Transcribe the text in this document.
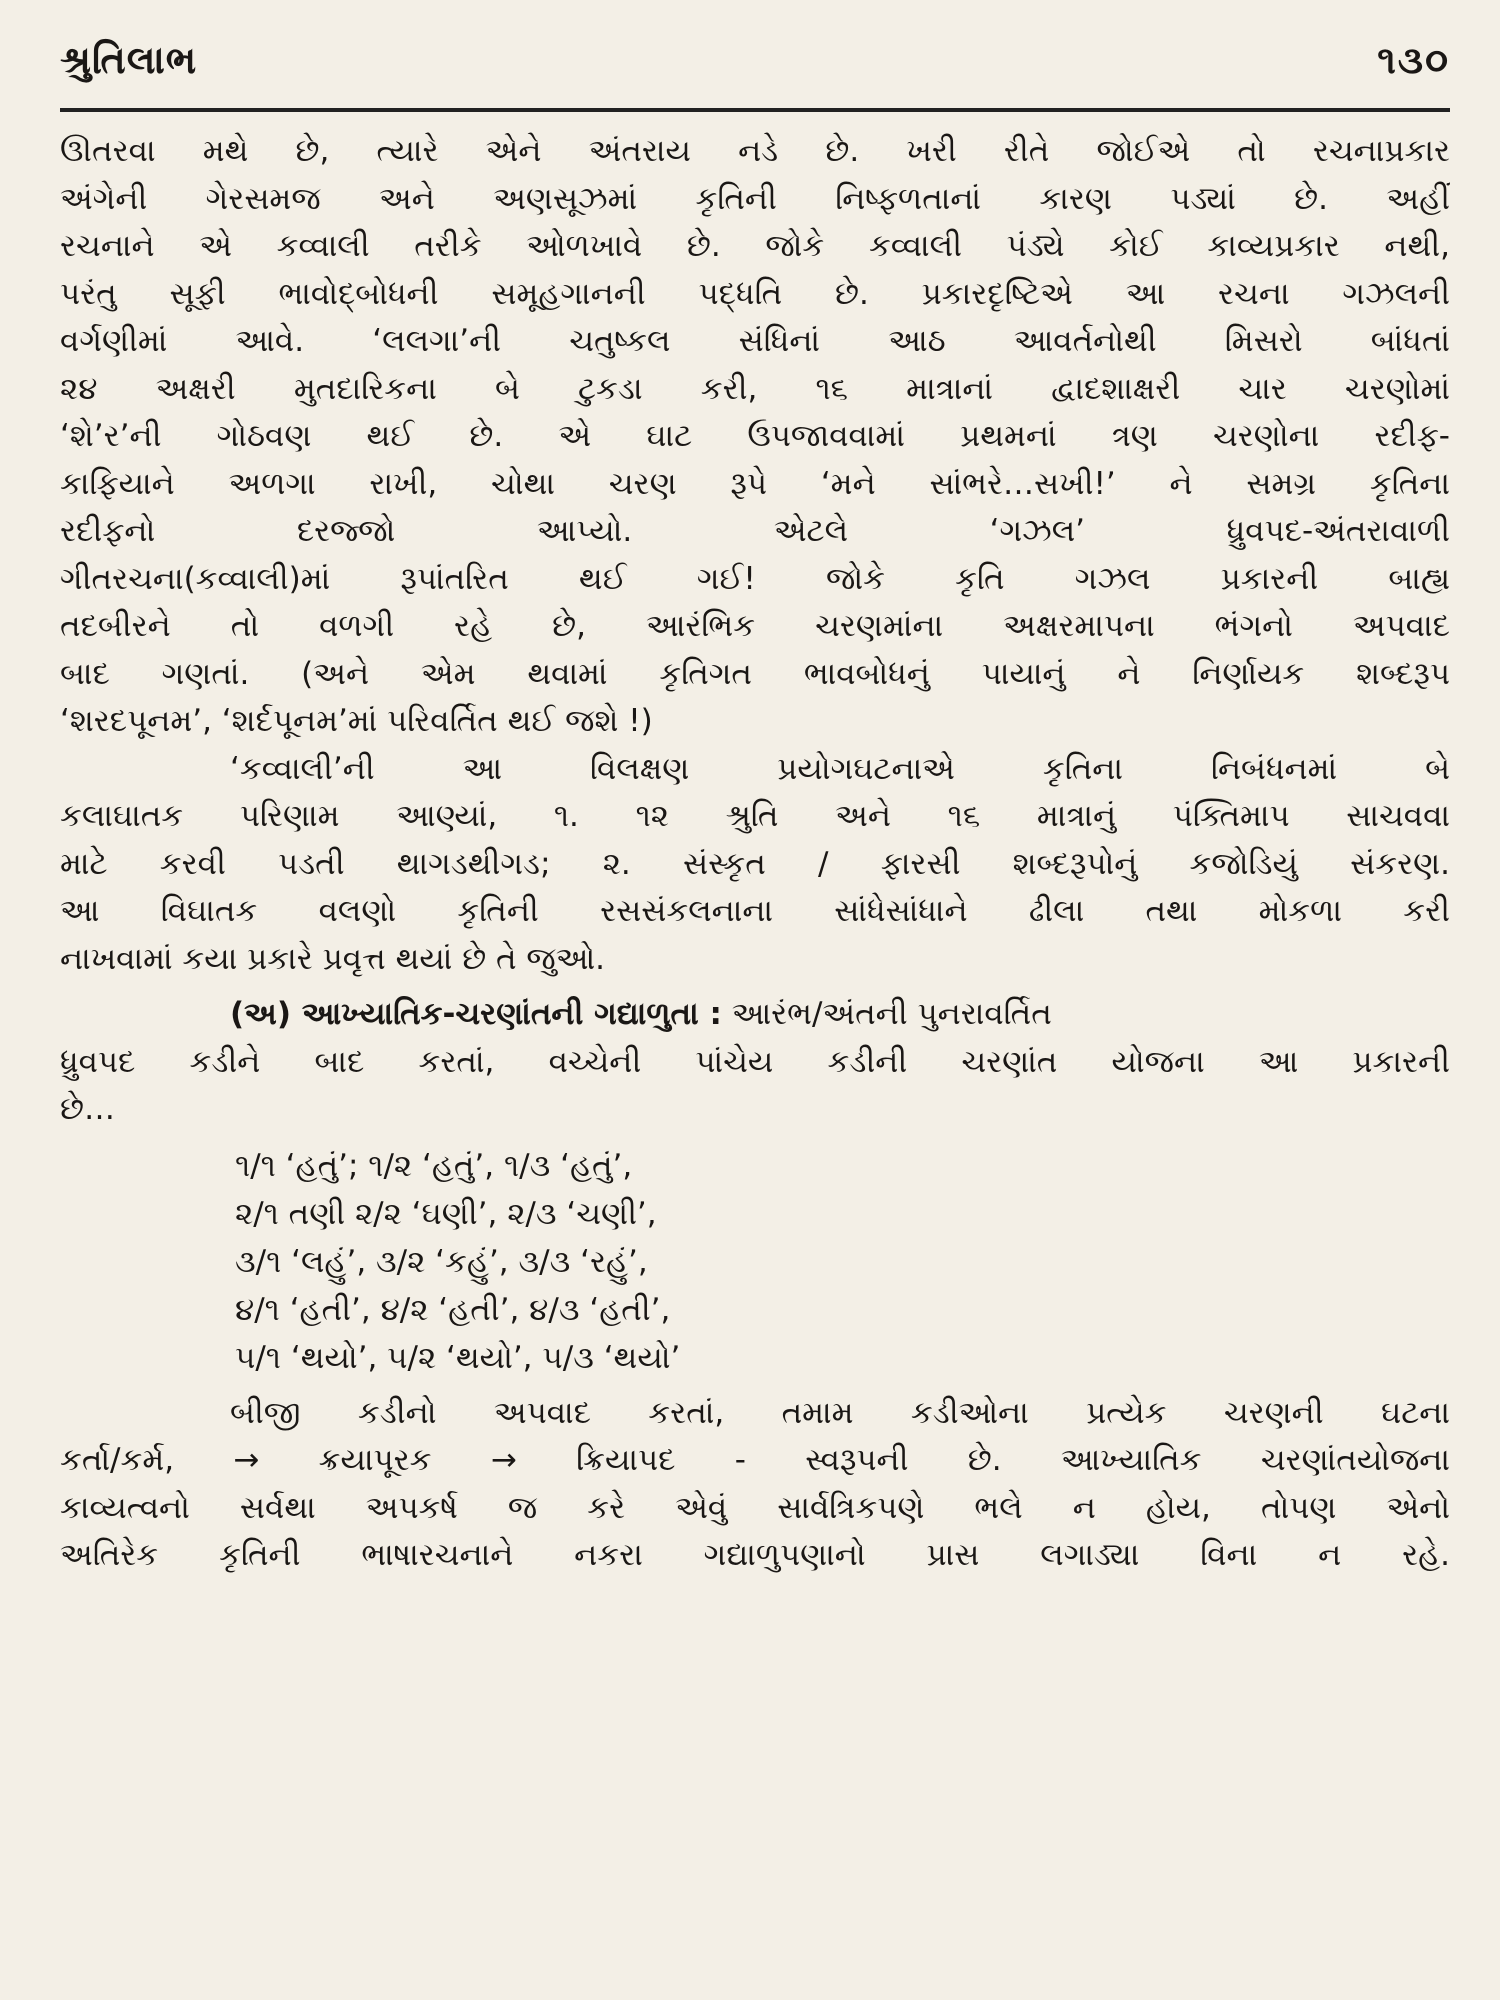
શ્રુતિલાભ	૧૩૦
ઊતરવા મથે છે, ત્યારે એને અંતરાય નડે છે. ખરી રીતે જોઈએ તો રચનાપ્રકાર
અંગેની ગેરસમજ અને અણસૂઝમાં કૃતિની નિષ્ફળતાનાં કારણ પડ્યાં છે. અહીં
રચનાને એ કવ્વાલી તરીકે ઓળખાવે છે. જોકે કવ્વાલી પંડ્યે કોઈ કાવ્યપ્રકાર નથી,
પરંતુ સૂફી ભાવોદ્‌બોધની સમૂહગાનની પદ્ધતિ છે. પ્રકારદૃષ્ટિએ આ રચના ગઝલની
વર્ગણીમાં આવે. ‘લલગા’ની ચતુષ્કલ સંધિનાં આઠ આવર્તનોથી મિસરો બાંધતાં
૨૪ અક્ષરી મુતદારિકના બે ટુકડા કરી, ૧૬ માત્રાનાં દ્વાદશાક્ષરી ચાર ચરણોમાં
‘શે’ર’ની ગોઠવણ થઈ છે. એ ઘાટ ઉપજાવવામાં પ્રથમનાં ત્રણ ચરણોના રદીફ-
કાફિયાને અળગા રાખી, ચોથા ચરણ રૂપે ‘મને સાંભરે…સખી!’ ને સમગ્ર કૃતિના
રદીફનો દરજ્જો આપ્યો. એટલે ‘ગઝલ’ ધ્રુવપદ-અંતરાવાળી
ગીતરચના(કવ્વાલી)માં રૂપાંતરિત થઈ ગઈ! જોકે કૃતિ ગઝલ પ્રકારની બાહ્ય
તદબીરને તો વળગી રહે છે, આરંભિક ચરણમાંના અક્ષરમાપના ભંગનો અપવાદ
બાદ ગણતાં. (અને એમ થવામાં કૃતિગત ભાવબોધનું પાયાનું ને નિર્ણાયક શબ્દરૂપ
‘શરદપૂનમ’, ‘શર્દપૂનમ’માં પરિવર્તિત થઈ જશે !)
‘કવ્વાલી’ની આ વિલક્ષણ પ્રયોગઘટનાએ કૃતિના નિબંધનમાં બે
કલાઘાતક પરિણામ આણ્યાં, ૧. ૧૨ શ્રુતિ અને ૧૬ માત્રાનું પંક્તિમાપ સાચવવા
માટે કરવી પડતી થાગડથીગડ; ૨. સંસ્કૃત / ફારસી શબ્દરૂપોનું કજોડિયું સંકરણ.
આ વિઘાતક વલણો કૃતિની રસસંકલનાના સાંધેસાંધાને ઢીલા તથા મોકળા કરી
નાખવામાં કયા પ્રકારે પ્રવૃત્ત થયાં છે તે જુઓ.
(અ) આખ્યાતિક-ચરણાંતની ગદ્યાળુતા : આરંભ/અંતની પુનરાવર્તિત
ધ્રુવપદ કડીને બાદ કરતાં, વચ્ચેની પાંચેય કડીની ચરણાંત યોજના આ પ્રકારની
છે…
૧/૧ ‘હતું’; ૧/૨ ‘હતું’, ૧/૩ ‘હતું’,
૨/૧ તણી ૨/૨ ‘ઘણી’, ૨/૩ ‘ચણી’,
૩/૧ ‘લહું’, ૩/૨ ‘કહું’, ૩/૩ ‘રહું’,
૪/૧ ‘હતી’, ૪/૨ ‘હતી’, ૪/૩ ‘હતી’,
૫/૧ ‘થયો’, ૫/૨ ‘થયો’, ૫/૩ ‘થયો’
બીજી કડીનો અપવાદ કરતાં, તમામ કડીઓના પ્રત્યેક ચરણની ઘટના
કર્તા/કર્મ, → ક્રયાપૂરક → ક્રિયાપદ - સ્વરૂપની છે. આખ્યાતિક ચરણાંતયોજના
કાવ્યત્વનો સર્વથા અપકર્ષ જ કરે એવું સાર્વત્રિકપણે ભલે ન હોય, તોપણ એનો
અતિરેક કૃતિની ભાષારચનાને નકરા ગદ્યાળુપણાનો પ્રાસ લગાડ્યા વિના ન રહે.
